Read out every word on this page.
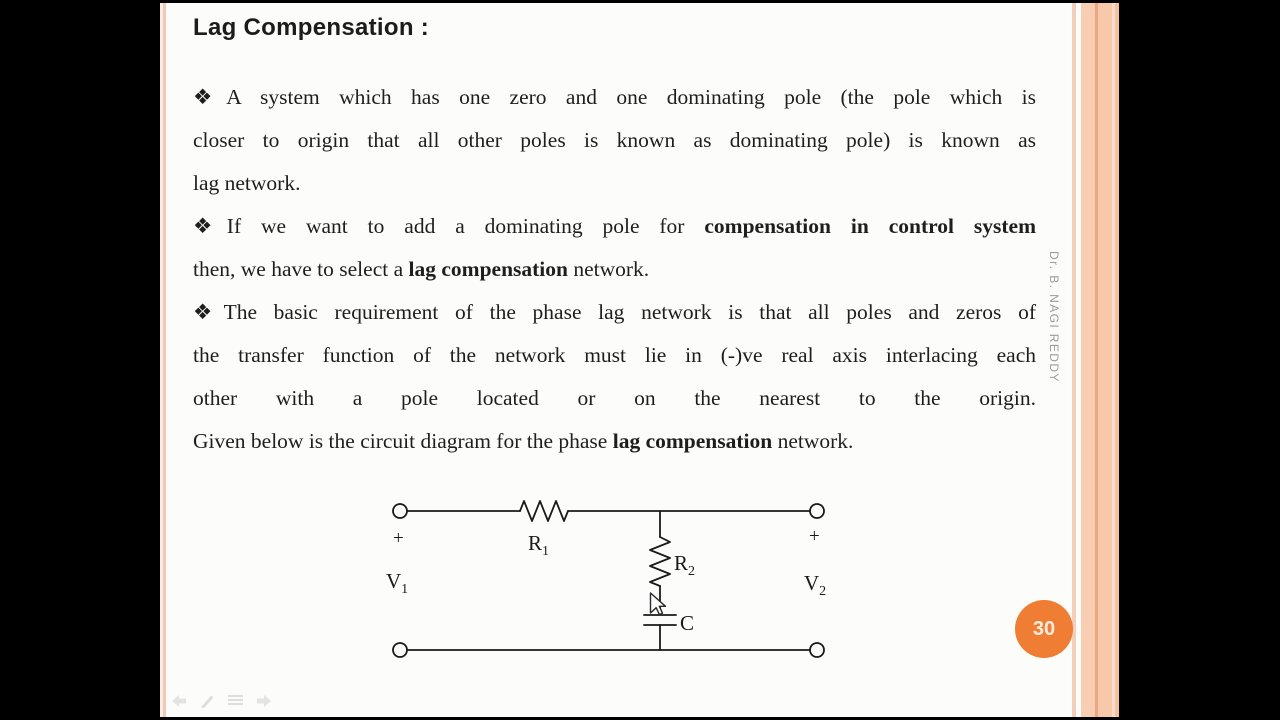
Lag Compensation :
❖A system which has one zero and one dominating pole (the pole which is
closer to origin that all other poles is known as dominating pole) is known as
lag network.
❖If we want to add a dominating pole for compensation in control system
then, we have to select a lag compensation network.
❖The basic requirement of the phase lag network is that all poles and zeros of
the transfer function of the network must lie in (-)ve real axis interlacing each
other with a pole located or on the nearest to the origin.
Given below is the circuit diagram for the phase lag compensation network.
+	+
$V_1$	$V_2$
$R_1$	$R_2$
C
Dr. B. NAGI REDDY
30
